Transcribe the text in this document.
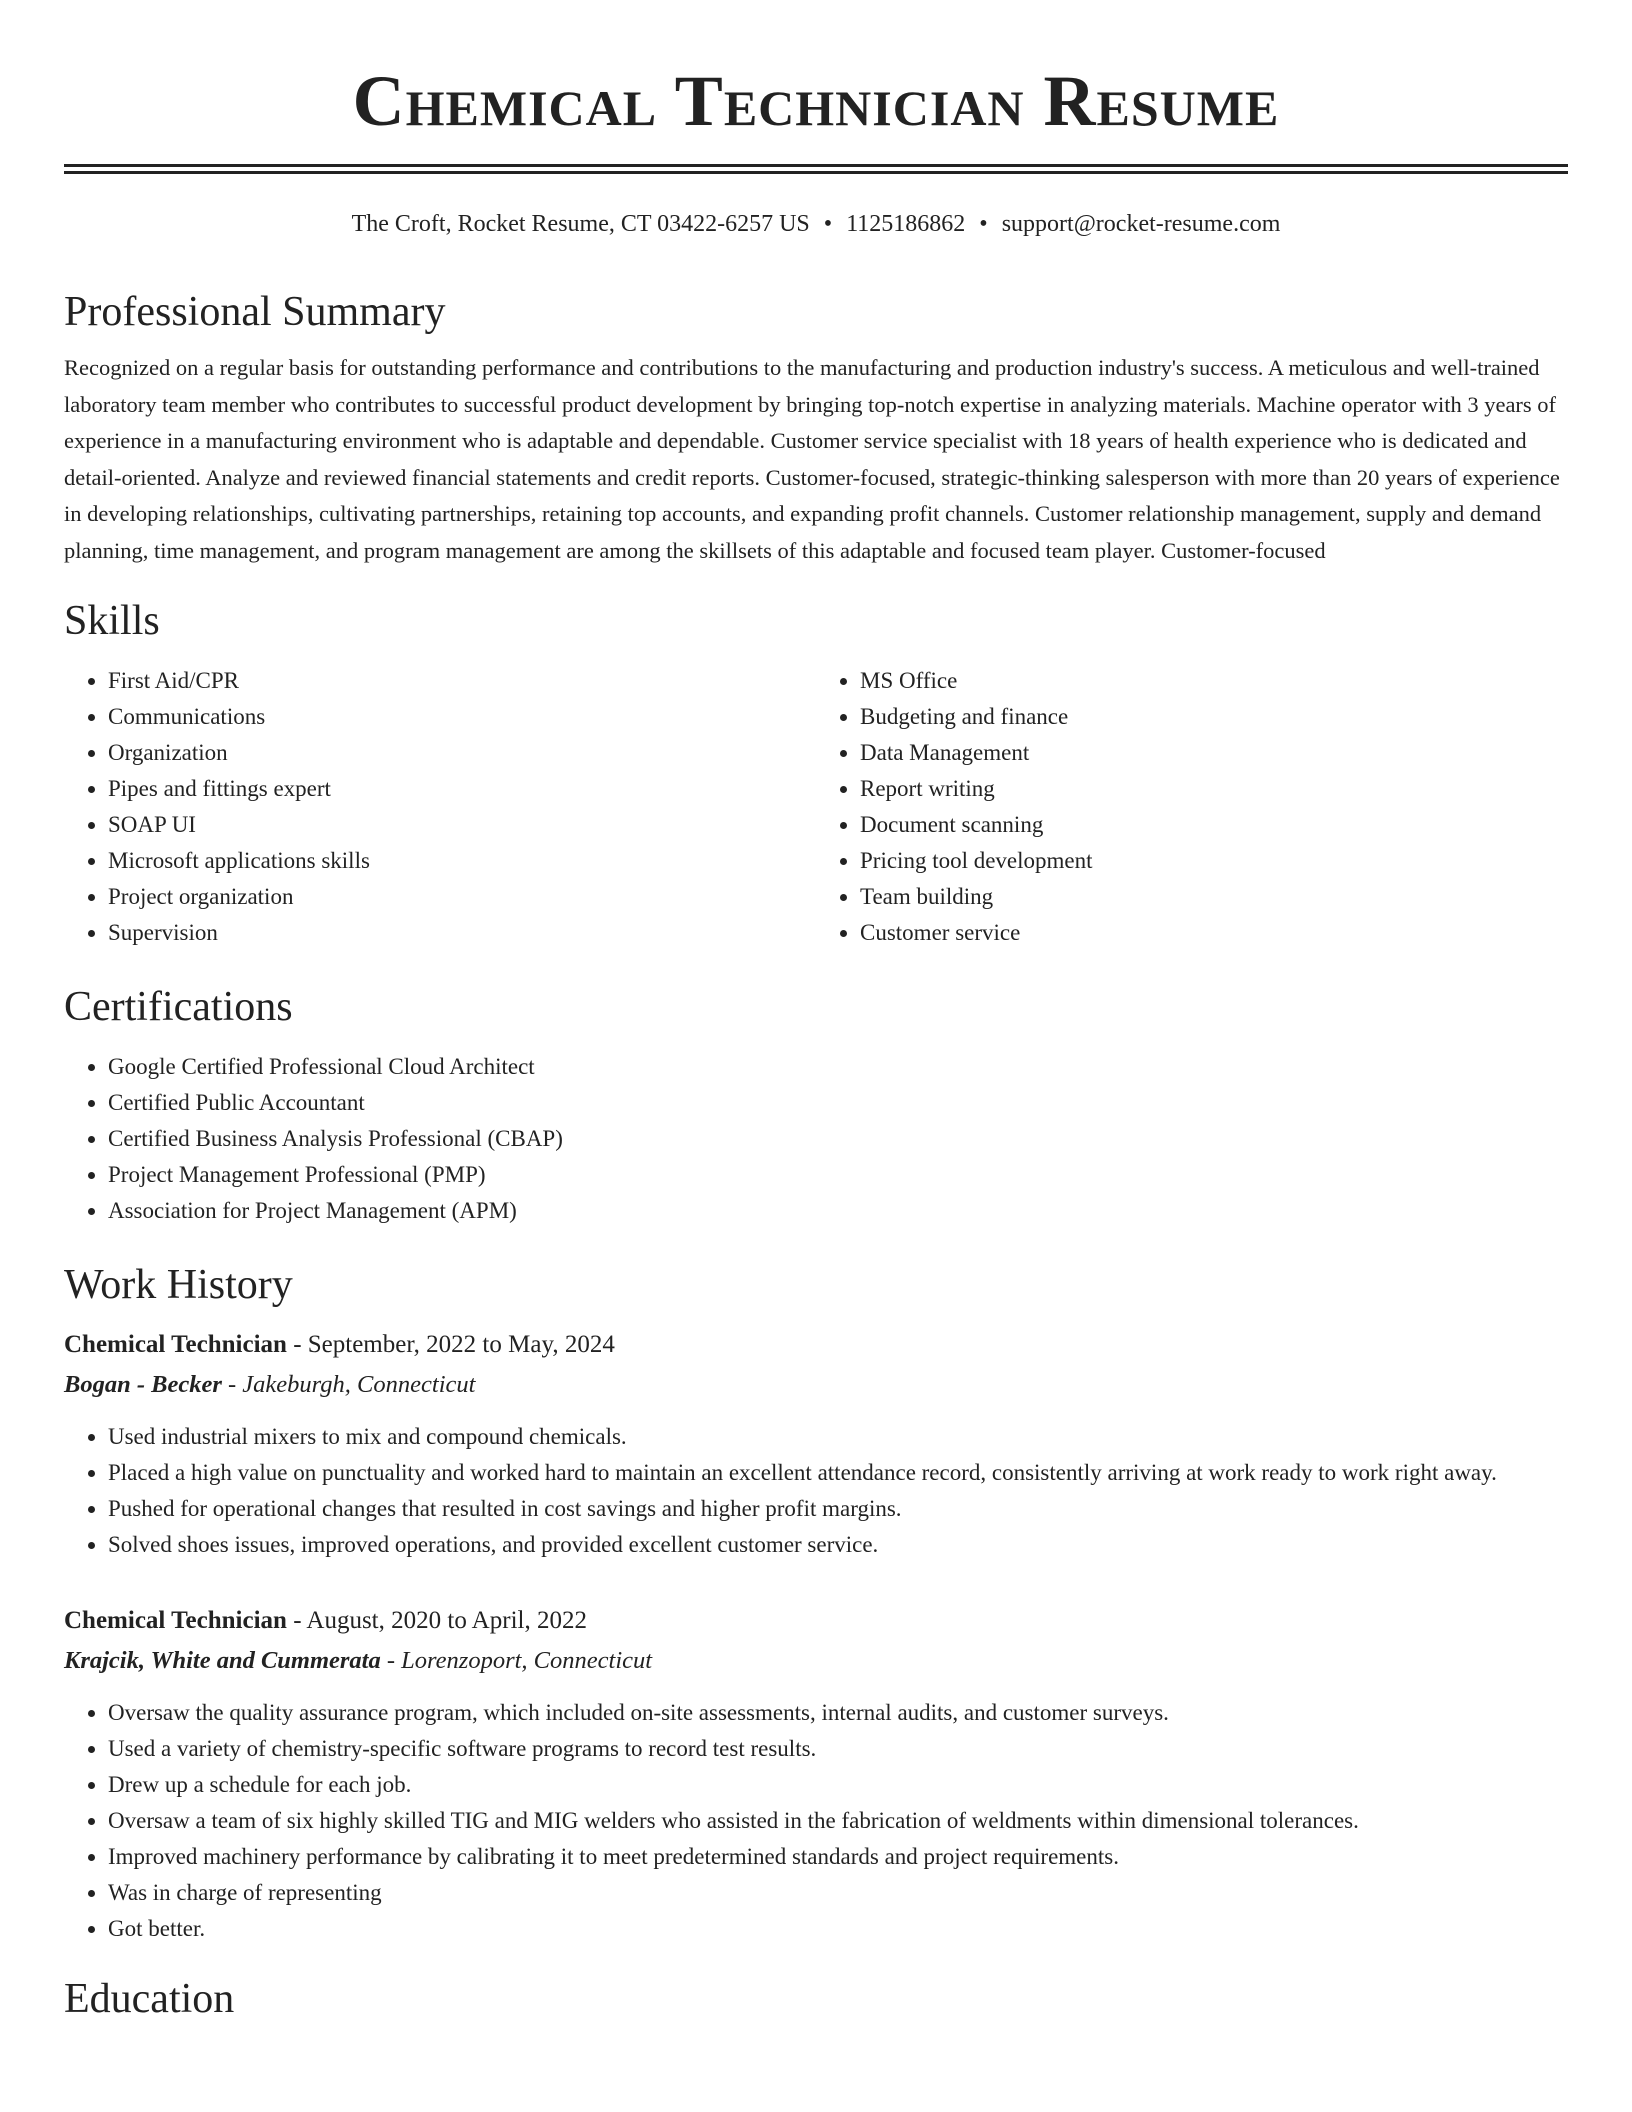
Chemical Technician Resume
The Croft, Rocket Resume, CT 03422-6257 US • 1125186862 • support@rocket-resume.com
Professional Summary

Recognized on a regular basis for outstanding performance and contributions to the manufacturing and production industry's success. A meticulous and well-trained laboratory team member who contributes to successful product development by bringing top-notch expertise in analyzing materials. Machine operator with 3 years of experience in a manufacturing environment who is adaptable and dependable. Customer service specialist with 18 years of health experience who is dedicated and detail-oriented. Analyze and reviewed financial statements and credit reports. Customer-focused, strategic-thinking salesperson with more than 20 years of experience in developing relationships, cultivating partnerships, retaining top accounts, and expanding profit channels. Customer relationship management, supply and demand planning, time management, and program management are among the skillsets of this adaptable and focused team player. Customer-focused

Skills
• First Aid/CPR
• Communications
• Organization
• Pipes and fittings expert
• SOAP UI
• Microsoft applications skills
• Project organization
• Supervision
• MS Office
• Budgeting and finance
• Data Management
• Report writing
• Document scanning
• Pricing tool development
• Team building
• Customer service
Certifications
• Google Certified Professional Cloud Architect
• Certified Public Accountant
• Certified Business Analysis Professional (CBAP)
• Project Management Professional (PMP)
• Association for Project Management (APM)
Work History
Chemical Technician - September, 2022 to May, 2024
Bogan - Becker - Jakeburgh, Connecticut
• Used industrial mixers to mix and compound chemicals.
• Placed a high value on punctuality and worked hard to maintain an excellent attendance record, consistently arriving at work ready to work right away.
• Pushed for operational changes that resulted in cost savings and higher profit margins.
• Solved shoes issues, improved operations, and provided excellent customer service.
Chemical Technician - August, 2020 to April, 2022
Krajcik, White and Cummerata - Lorenzoport, Connecticut
• Oversaw the quality assurance program, which included on-site assessments, internal audits, and customer surveys.
• Used a variety of chemistry-specific software programs to record test results.
• Drew up a schedule for each job.
• Oversaw a team of six highly skilled TIG and MIG welders who assisted in the fabrication of weldments within dimensional tolerances.
• Improved machinery performance by calibrating it to meet predetermined standards and project requirements.
• Was in charge of representing
• Got better.
Education
